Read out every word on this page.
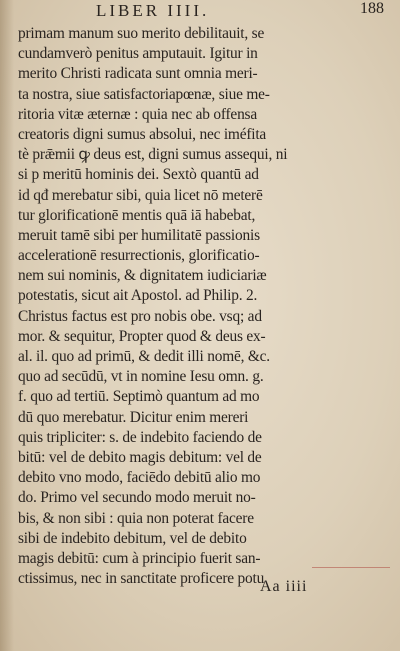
LIBER IIII.	188
primam manum suo merito debilitauit, se
cundamverò penitus amputauit. Igitur in
merito Christi radicata sunt omnia meri-
ta nostra, siue satisfactoriapœnæ, siue me-
ritoria vitæ æternæ : quia nec ab offensa
creatoris digni sumus absolui, nec iméfita
tè prǣmii ꝙ deus est, digni sumus assequi, ni
si p meritū hominis dei. Sextò quantū ad
id qđ merebatur sibi, quia licet nō meterē
tur glorificationē mentis quā iā habebat,
meruit tamē sibi per humilitatē passionis
accelerationē resurrectionis, glorificatio-
nem sui nominis, & dignitatem iudiciariæ
potestatis, sicut ait Apostol. ad Philip. 2.
Christus factus est pro nobis obe. vsq; ad
mor. & sequitur, Propter quod & deus ex-
al. il. quo ad primū, & dedit illi nomē, &c.
quo ad secūdū, vt in nomine Iesu omn. g.
f. quo ad tertiū. Septimò quantum ad mo
dū quo merebatur. Dicitur enim mereri
quis tripliciter: s. de indebito faciendo de
bitū: vel de debito magis debitum: vel de
debito vno modo, faciēdo debitū alio mo
do. Primo vel secundo modo meruit no-
bis, & non sibi : quia non poterat facere
sibi de indebito debitum, vel de debito
magis debitū: cum à principio fuerit san-
ctissimus, nec in sanctitate proficere potu
Aa iiii
